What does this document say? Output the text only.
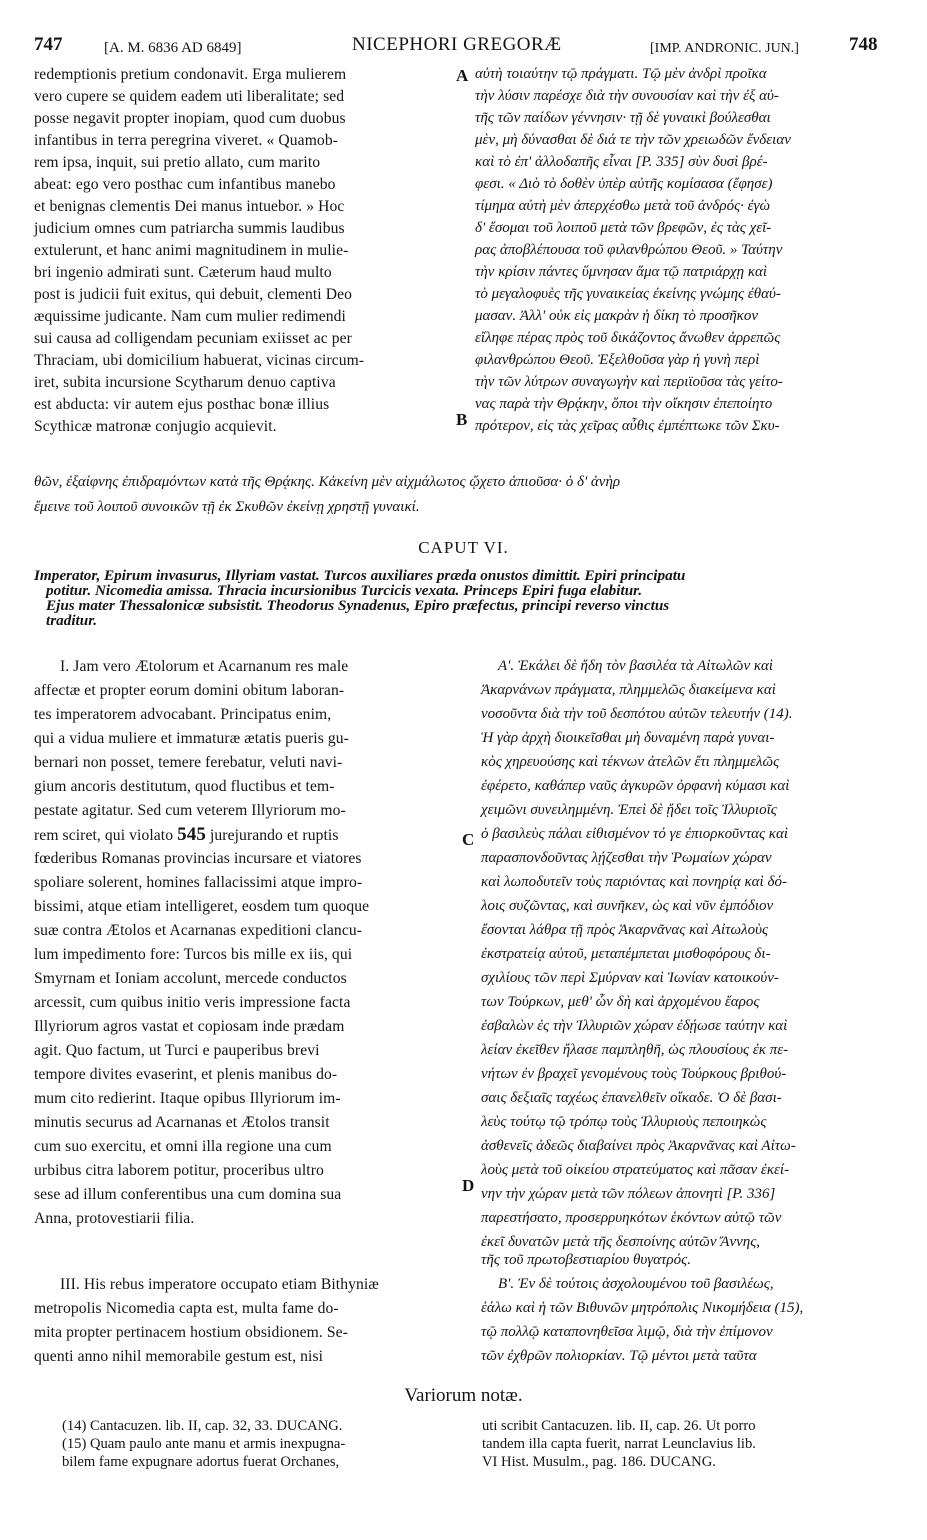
747	[A. M. 6836 AD 6849]	NICEPHORI GREGORÆ	[IMP. ANDRONIC. JUN.]	748
redemptionis pretium condonavit. Erga mulierem
vero cupere se quidem eadem uti liberalitate; sed
posse negavit propter inopiam, quod cum duobus
infantibus in terra peregrina viveret. « Quamob-
rem ipsa, inquit, sui pretio allato, cum marito
abeat: ego vero posthac cum infantibus manebo
et benignas clementis Dei manus intuebor. » Hoc
judicium omnes cum patriarcha summis laudibus
extulerunt, et hanc animi magnitudinem in mulie-
bri ingenio admirati sunt. Cæterum haud multo
post is judicii fuit exitus, qui debuit, clementi Deo
æquissime judicante. Nam cum mulier redimendi
sui causa ad colligendam pecuniam exiisset ac per
Thraciam, ubi domicilium habuerat, vicinas circum-
iret, subita incursione Scytharum denuo captiva
est abducta: vir autem ejus posthac bonæ illius
Scythicæ matronæ conjugio acquievit.
A
B
αὐτὴ τοιαύτην τῷ πράγματι. Τῷ μὲν ἀνδρὶ προῖκα
τὴν λύσιν παρέσχε διὰ τὴν συνουσίαν καὶ τὴν ἐξ αὐ-
τῆς τῶν παίδων γέννησιν· τῇ δὲ γυναικὶ βούλεσθαι
μὲν, μὴ δύνασθαι δὲ διά τε τὴν τῶν χρειωδῶν ἔνδειαν
καὶ τὸ ἐπ' ἀλλοδαπῆς εἶναι [P. 335] σὺν δυσὶ βρέ-
φεσι. « Διὸ τὸ δοθὲν ὑπὲρ αὐτῆς κομίσασα (ἔφησε)
τίμημα αὐτὴ μὲν ἀπερχέσθω μετὰ τοῦ ἀνδρός· ἐγὼ
δ' ἔσομαι τοῦ λοιποῦ μετὰ τῶν βρεφῶν, ἐς τὰς χεῖ-
ρας ἀποβλέπουσα τοῦ φιλανθρώπου Θεοῦ. » Ταύτην
τὴν κρίσιν πάντες ὕμνησαν ἅμα τῷ πατριάρχῃ καὶ
τὸ μεγαλοφυὲς τῆς γυναικείας ἐκείνης γνώμης ἐθαύ-
μασαν. Ἀλλ' οὐκ εἰς μακρὰν ἡ δίκη τὸ προσῆκον
εἴληφε πέρας πρὸς τοῦ δικάζοντος ἄνωθεν ἀρρεπῶς
φιλανθρώπου Θεοῦ. Ἐξελθοῦσα γὰρ ἡ γυνὴ περὶ
τὴν τῶν λύτρων συναγωγὴν καὶ περιϊοῦσα τὰς γείτο-
νας παρὰ τὴν Θρᾴκην, ὅποι τὴν οἴκησιν ἐπεποίητο
πρότερον, εἰς τὰς χεῖρας αὖθις ἐμπέπτωκε τῶν Σκυ-
θῶν, ἐξαίφνης ἐπιδραμόντων κατὰ τῆς Θρᾴκης. Κἀκείνη μὲν αἰχμάλωτος ᾤχετο ἀπιοῦσα· ὁ δ' ἀνὴρ
ἔμεινε τοῦ λοιποῦ συνοικῶν τῇ ἐκ Σκυθῶν ἐκείνῃ χρηστῇ γυναικί.
CAPUT VI.
Imperator, Epirum invasurus, Illyriam vastat. Turcos auxiliares præda onustos dimittit. Epiri principatu
potitur. Nicomedia amissa. Thracia incursionibus Turcicis vexata. Princeps Epiri fuga elabitur.
Ejus mater Thessalonicæ subsistit. Theodorus Synadenus, Epiro præfectus, principi reverso vinctus
traditur.
I. Jam vero Ætolorum et Acarnanum res male
affectæ et propter eorum domini obitum laboran-
tes imperatorem advocabant. Principatus enim,
qui a vidua muliere et immaturæ ætatis pueris gu-
bernari non posset, temere ferebatur, veluti navi-
gium ancoris destitutum, quod fluctibus et tem-
pestate agitatur. Sed cum veterem Illyriorum mo-
rem sciret, qui violato 545 jurejurando et ruptis
fœderibus Romanas provincias incursare et viatores
spoliare solerent, homines fallacissimi atque impro-
bissimi, atque etiam intelligeret, eosdem tum quoque
suæ contra Ætolos et Acarnanas expeditioni clancu-
lum impedimento fore: Turcos bis mille ex iis, qui
Smyrnam et Ioniam accolunt, mercede conductos
arcessit, cum quibus initio veris impressione facta
Illyriorum agros vastat et copiosam inde prædam
agit. Quo factum, ut Turci e pauperibus brevi
tempore divites evaserint, et plenis manibus do-
mum cito redierint. Itaque opibus Illyriorum im-
minutis securus ad Acarnanas et Ætolos transit
cum suo exercitu, et omni illa regione una cum
urbibus citra laborem potitur, proceribus ultro
sese ad illum conferentibus una cum domina sua
Anna, protovestiarii filia.
III. His rebus imperatore occupato etiam Bithyniæ
metropolis Nicomedia capta est, multa fame do-
mita propter pertinacem hostium obsidionem. Se-
quenti anno nihil memorabile gestum est, nisi
C
D
Α'. Ἐκάλει δὲ ἤδη τὸν βασιλέα τὰ Αἰτωλῶν καὶ
Ἀκαρνάνων πράγματα, πλημμελῶς διακείμενα καὶ
νοσοῦντα διὰ τὴν τοῦ δεσπότου αὐτῶν τελευτήν (14).
Ἡ γὰρ ἀρχὴ διοικεῖσθαι μὴ δυναμένη παρὰ γυναι-
κὸς χηρευούσης καὶ τέκνων ἀτελῶν ἔτι πλημμελῶς
ἐφέρετο, καθάπερ ναῦς ἀγκυρῶν ὀρφανὴ κύμασι καὶ
χειμῶνι συνειλημμένη. Ἐπεὶ δὲ ᾔδει τοῖς Ἰλλυριοῖς
ὁ βασιλεὺς πάλαι εἰθισμένον τό γε ἐπιορκοῦντας καὶ
παρασπονδοῦντας λῄζεσθαι τὴν Ῥωμαίων χώραν
καὶ λωποδυτεῖν τοὺς παριόντας καὶ πονηρίᾳ καὶ δό-
λοις συζῶντας, καὶ συνῆκεν, ὡς καὶ νῦν ἐμπόδιον
ἔσονται λάθρα τῇ πρὸς Ἀκαρνᾶνας καὶ Αἰτωλοὺς
ἐκστρατείᾳ αὐτοῦ, μεταπέμπεται μισθοφόρους δι-
σχιλίους τῶν περὶ Σμύρναν καὶ Ἰωνίαν κατοικούν-
των Τούρκων, μεθ' ὧν δὴ καὶ ἀρχομένου ἔαρος
ἐσβαλὼν ἐς τὴν Ἰλλυριῶν χώραν ἐδῄωσε ταύτην καὶ
λείαν ἐκεῖθεν ἤλασε παμπληθῆ, ὡς πλουσίους ἐκ πε-
νήτων ἐν βραχεῖ γενομένους τοὺς Τούρκους βριθού-
σαις δεξιαῖς ταχέως ἐπανελθεῖν οἴκαδε. Ὁ δὲ βασι-
λεὺς τούτῳ τῷ τρόπῳ τοὺς Ἰλλυριοὺς πεποιηκὼς
ἀσθενεῖς ἀδεῶς διαβαίνει πρὸς Ἀκαρνᾶνας καὶ Αἰτω-
λοὺς μετὰ τοῦ οἰκείου στρατεύματος καὶ πᾶσαν ἐκεί-
νην τὴν χώραν μετὰ τῶν πόλεων ἀπονητὶ [P. 336]
παρεστήσατο, προσερρυηκότων ἑκόντων αὐτῷ τῶν
ἐκεῖ δυνατῶν μετὰ τῆς δεσποίνης αὐτῶν Ἄννης,
τῆς τοῦ πρωτοβεστιαρίου θυγατρός.
Β'. Ἐν δὲ τούτοις ἀσχολουμένου τοῦ βασιλέως,
ἑάλω καὶ ἡ τῶν Βιθυνῶν μητρόπολις Νικομήδεια (15),
τῷ πολλῷ καταπονηθεῖσα λιμῷ, διὰ τὴν ἐπίμονον
τῶν ἐχθρῶν πολιορκίαν. Τῷ μέντοι μετὰ ταῦτα
Variorum notæ.
(14) Cantacuzen. lib. II, cap. 32, 33. DUCANG.
(15) Quam paulo ante manu et armis inexpugna-
bilem fame expugnare adortus fuerat Orchanes,
uti scribit Cantacuzen. lib. II, cap. 26. Ut porro
tandem illa capta fuerit, narrat Leunclavius lib.
VI Hist. Musulm., pag. 186. DUCANG.
